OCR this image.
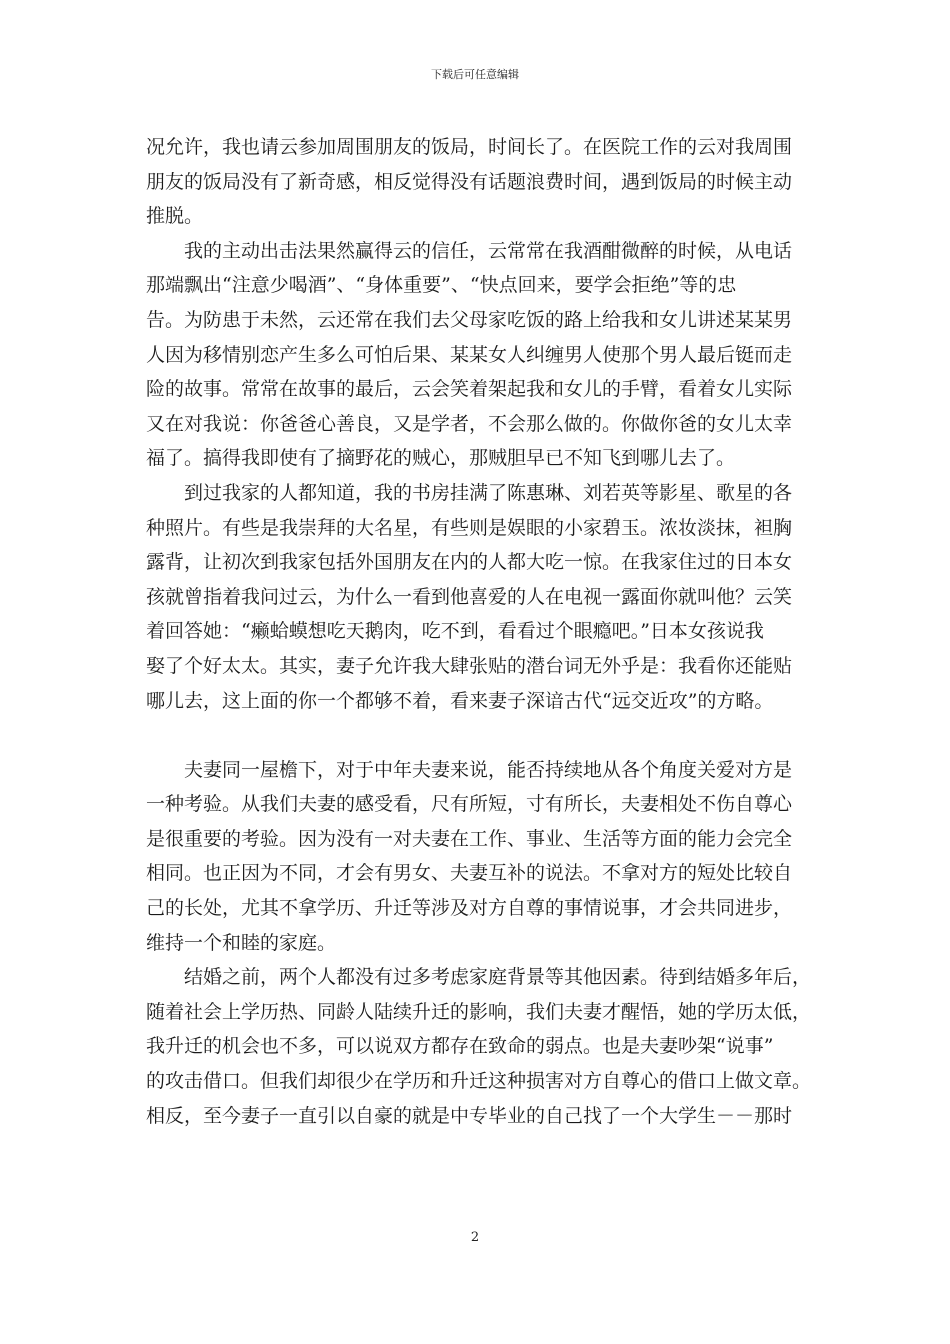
下载后可任意编辑
况允许，我也请云参加周围朋友的饭局，时间长了。在医院工作的云对我周围
朋友的饭局没有了新奇感，相反觉得没有话题浪费时间，遇到饭局的时候主动
推脱。
我的主动出击法果然赢得云的信任，云常常在我酒酣微醉的时候，从电话
那端飘出“注意少喝酒”、“身体重要”、“快点回来，要学会拒绝”等的忠
告。为防患于未然，云还常在我们去父母家吃饭的路上给我和女儿讲述某某男
人因为移情别恋产生多么可怕后果、某某女人纠缠男人使那个男人最后铤而走
险的故事。常常在故事的最后，云会笑着架起我和女儿的手臂，看着女儿实际
又在对我说：你爸爸心善良，又是学者，不会那么做的。你做你爸的女儿太幸
福了。搞得我即使有了摘野花的贼心，那贼胆早已不知飞到哪儿去了。
到过我家的人都知道，我的书房挂满了陈惠琳、刘若英等影星、歌星的各
种照片。有些是我崇拜的大名星，有些则是娱眼的小家碧玉。浓妆淡抹，袒胸
露背，让初次到我家包括外国朋友在内的人都大吃一惊。在我家住过的日本女
孩就曾指着我问过云，为什么一看到他喜爱的人在电视一露面你就叫他？云笑
着回答她：“癞蛤蟆想吃天鹅肉，吃不到，看看过个眼瘾吧。”日本女孩说我
娶了个好太太。其实，妻子允许我大肆张贴的潜台词无外乎是：我看你还能贴
哪儿去，这上面的你一个都够不着，看来妻子深谙古代“远交近攻”的方略。
夫妻同一屋檐下，对于中年夫妻来说，能否持续地从各个角度关爱对方是
一种考验。从我们夫妻的感受看，尺有所短，寸有所长，夫妻相处不伤自尊心
是很重要的考验。因为没有一对夫妻在工作、事业、生活等方面的能力会完全
相同。也正因为不同，才会有男女、夫妻互补的说法。不拿对方的短处比较自
己的长处，尤其不拿学历、升迁等涉及对方自尊的事情说事，才会共同进步，
维持一个和睦的家庭。
结婚之前，两个人都没有过多考虑家庭背景等其他因素。待到结婚多年后，
随着社会上学历热、同龄人陆续升迁的影响，我们夫妻才醒悟，她的学历太低，
我升迁的机会也不多，可以说双方都存在致命的弱点。也是夫妻吵架“说事”
的攻击借口。但我们却很少在学历和升迁这种损害对方自尊心的借口上做文章。
相反，至今妻子一直引以自豪的就是中专毕业的自己找了一个大学生－－那时
2
